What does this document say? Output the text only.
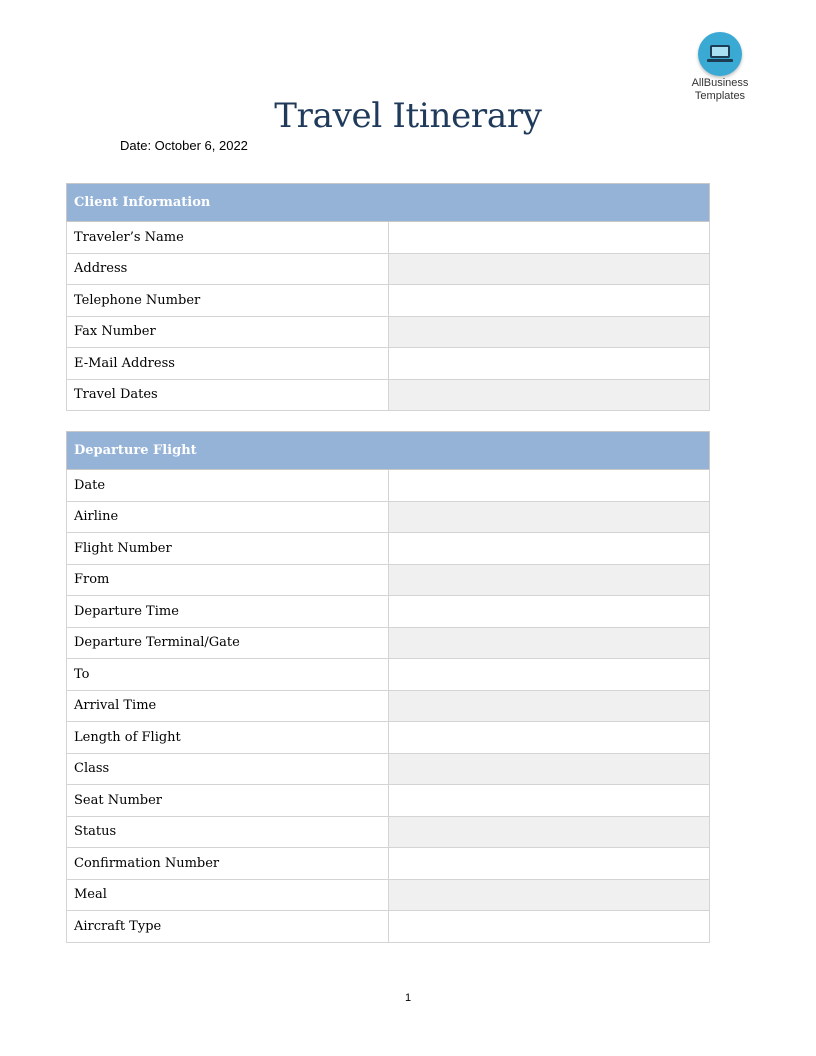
AllBusiness
Templates
Travel Itinerary
Date: October 6, 2022
Client Information	
Traveler’s Name	
Address	
Telephone Number	
Fax Number	
E-Mail Address	
Travel Dates	
Departure Flight	
Date	
Airline	
Flight Number	
From	
Departure Time	
Departure Terminal/Gate	
To	
Arrival Time	
Length of Flight	
Class	
Seat Number	
Status	
Confirmation Number	
Meal	
Aircraft Type	
1
